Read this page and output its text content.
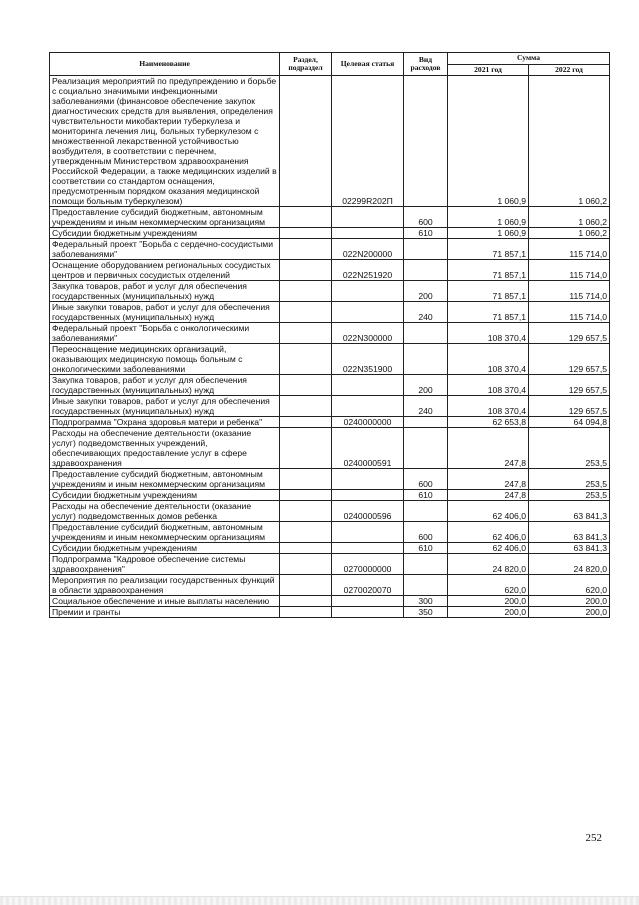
Наименование	Раздел, подраздел	Целевая статья	Вид расходов	Сумма	
				2021 год	2022 год
Реализация мероприятий по предупреждению и борьбе с социально значимыми инфекционными заболеваниями (финансовое обеспечение закупок диагностических средств для выявления, определения чувствительности микобактерии туберкулеза и мониторинга лечения лиц, больных туберкулезом с множественной лекарственной устойчивостью возбудителя, в соответствии с перечнем, утвержденным Министерством здравоохранения Российской Федерации, а также медицинских изделий в соответствии со стандартом оснащения, предусмотренным порядком оказания медицинской помощи больным туберкулезом)		02299R202П		1 060,9	1 060,2
Предоставление субсидий бюджетным, автономным учреждениям и иным некоммерческим организациям			600	1 060,9	1 060,2
Субсидии бюджетным учреждениям			610	1 060,9	1 060,2
Федеральный проект "Борьба с сердечно-сосудистыми заболеваниями"		022N200000		71 857,1	115 714,0
Оснащение оборудованием региональных сосудистых центров и первичных сосудистых отделений		022N251920		71 857,1	115 714,0
Закупка товаров, работ и услуг для обеспечения государственных (муниципальных) нужд			200	71 857,1	115 714,0
Иные закупки товаров, работ и услуг для обеспечения государственных (муниципальных) нужд			240	71 857,1	115 714,0
Федеральный проект "Борьба с онкологическими заболеваниями"		022N300000		108 370,4	129 657,5
Переоснащение медицинских организаций, оказывающих медицинскую помощь больным с онкологическими заболеваниями		022N351900		108 370,4	129 657,5
Закупка товаров, работ и услуг для обеспечения государственных (муниципальных) нужд			200	108 370,4	129 657,5
Иные закупки товаров, работ и услуг для обеспечения государственных (муниципальных) нужд			240	108 370,4	129 657,5
Подпрограмма "Охрана здоровья матери и ребенка"		0240000000		62 653,8	64 094,8
Расходы на обеспечение деятельности (оказание услуг) подведомственных учреждений, обеспечивающих предоставление услуг в сфере здравоохранения		0240000591		247,8	253,5
Предоставление субсидий бюджетным, автономным учреждениям и иным некоммерческим организациям			600	247,8	253,5
Субсидии бюджетным учреждениям			610	247,8	253,5
Расходы на обеспечение деятельности (оказание услуг) подведомственных домов ребенка		0240000596		62 406,0	63 841,3
Предоставление субсидий бюджетным, автономным учреждениям и иным некоммерческим организациям			600	62 406,0	63 841,3
Субсидии бюджетным учреждениям			610	62 406,0	63 841,3
Подпрограмма "Кадровое обеспечение системы здравоохранения"		0270000000		24 820,0	24 820,0
Мероприятия по реализации государственных функций в области здравоохранения		0270020070		620,0	620,0
Социальное обеспечение и иные выплаты населению			300	200,0	200,0
Премии и гранты			350	200,0	200,0
252
